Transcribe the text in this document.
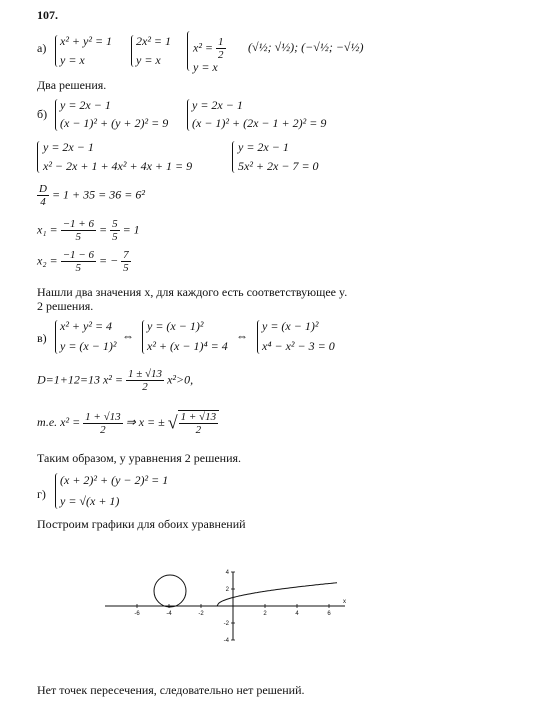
107.
а) x² + y² = 1
y = x
2x² = 1
y = x
$x^2 = \frac{1}{2}$
y = x
(√½; √½); (−√½; −√½)
Два решения.
б)
y = 2x − 1
(x − 1)² + (y + 2)² = 9
y = 2x − 1
(x − 1)² + (2x − 1 + 2)² = 9
y = 2x − 1
x² − 2x + 1 + 4x² + 4x + 1 = 9
y = 2x − 1
5x² + 2x − 7 = 0
$\frac{D}{4} = 1 + 35 = 36 = 6^2$
$x_1 = \frac{-1 + 6}{5} = \frac{5}{5} = 1$
$x_2 = \frac{-1 - 6}{5}$ = − $\frac{7}{5}$
Нашли два значения x, для каждого есть соответствующее y.
2 решения.
в)
x² + y² = 4
y = (x − 1)²
⇔
y = (x − 1)²
x² + (x − 1)⁴ = 4
⇔
y = (x − 1)²
x⁴ − x² − 3 = 0
D=1+12=13 $x^2 = \frac{1 \pm √13}{2} x^2>0$,
т.е. $x^2 = \frac{1 + √13}{2}$ ⇒ x = ± √ $\frac{1 + √13}{2}$
Таким образом, у уравнения 2 решения.
г)
(x + 2)² + (y − 2)² = 1
y = √(x + 1)
Построим графики для обоих уравнений
x
-6	-4	-2	2	4	6
-4
-2
2
4
Нет точек пересечения, следовательно нет решений.
